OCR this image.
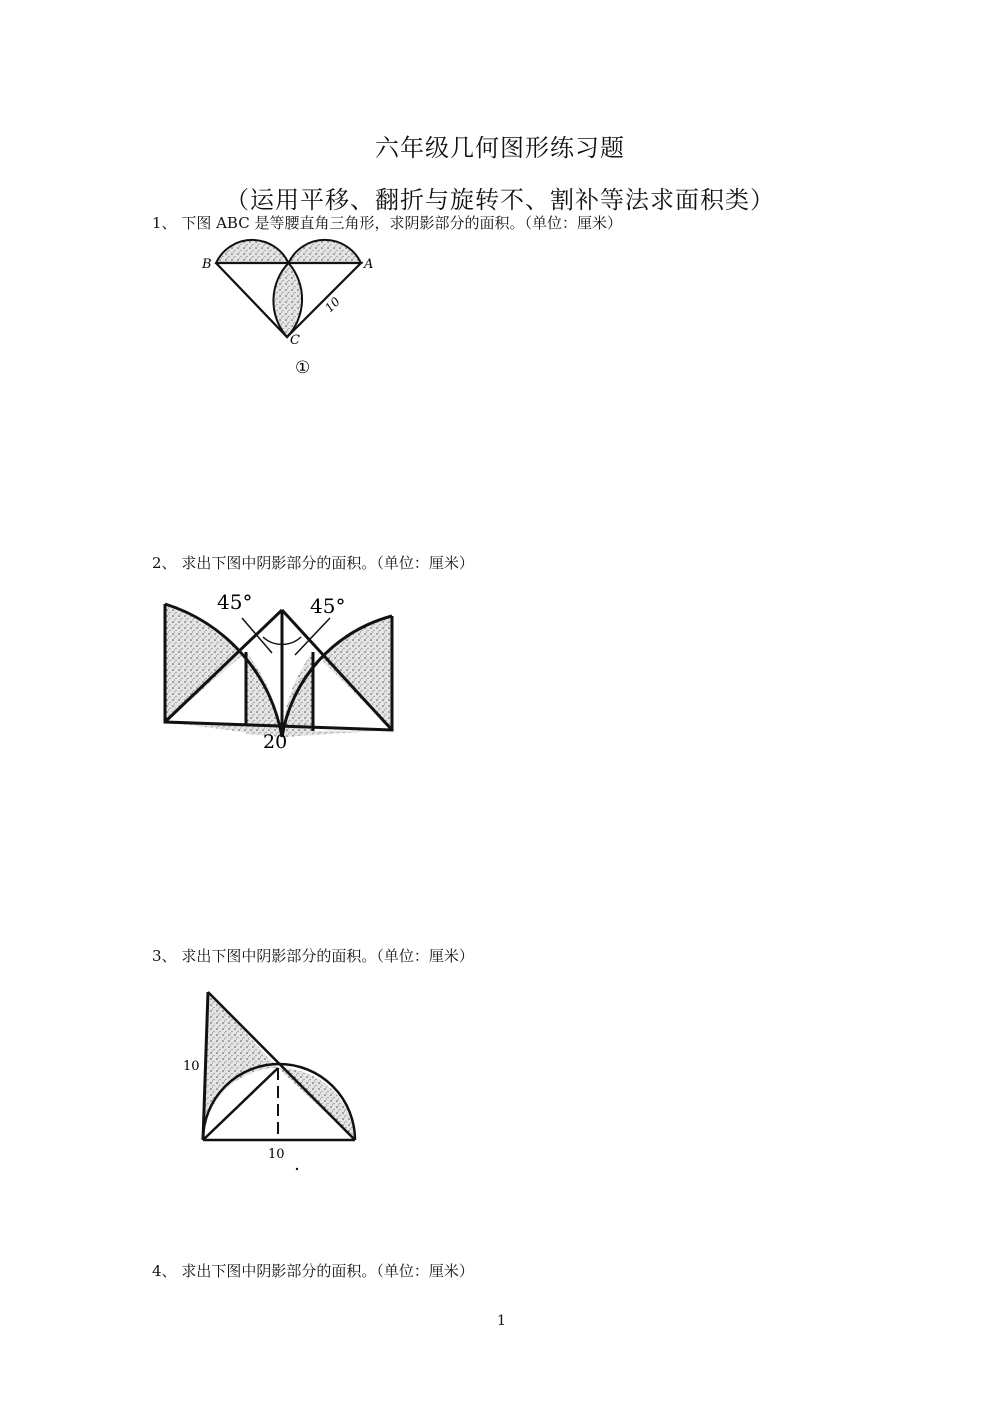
六年级几何图形练习题
（运用平移、翻折与旋转不、割补等法求面积类）
1、 下图 ABC 是等腰直角三角形，求阴影部分的面积。（单位：厘米）
B	A
C
10
①
2、 求出下图中阴影部分的面积。（单位：厘米）
45°	45°
20
3、 求出下图中阴影部分的面积。（单位：厘米）
10
10
4、 求出下图中阴影部分的面积。（单位：厘米）
1
